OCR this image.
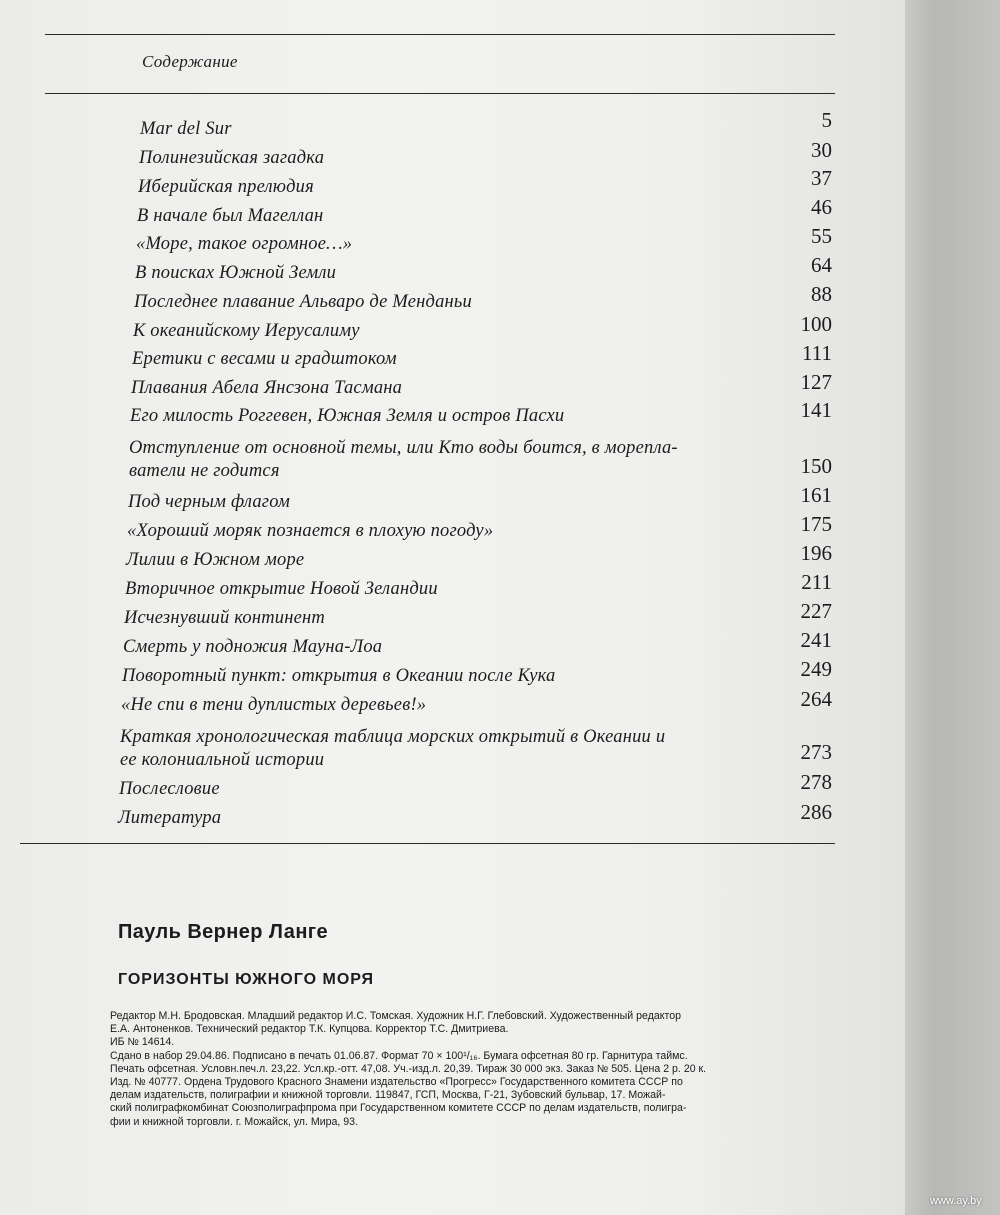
Содержание
Mar del Sur	5
Полинезийская загадка	30
Иберийская прелюдия	37
В начале был Магеллан	46
«Море, такое огромное…»	55
В поисках Южной Земли	64
Последнее плавание Альваро де Менданьи	88
К океанийскому Иерусалиму	100
Еретики с весами и градштоком	111
Плавания Абела Янсзона Тасмана	127
Его милость Роггевен, Южная Земля и остров Пасхи	141
Отступление от основной темы, или Кто воды боится, в морепла-
ватели не годится	150
Под черным флагом	161
«Хороший моряк познается в плохую погоду»	175
Лилии в Южном море	196
Вторичное открытие Новой Зеландии	211
Исчезнувший континент	227
Смерть у подножия Мауна-Лоа	241
Поворотный пункт: открытия в Океании после Кука	249
«Не спи в тени дуплистых деревьев!»	264
Краткая хронологическая таблица морских открытий в Океании и
ее колониальной истории	273
Послесловие	278
Литература	286
Пауль Вернер Ланге
ГОРИЗОНТЫ ЮЖНОГО МОРЯ
Редактор М.Н. Бродовская. Младший редактор И.С. Томская. Художник Н.Г. Глебовский. Художественный редактор
Е.А. Антоненков. Технический редактор Т.К. Купцова. Корректор Т.С. Дмитриева.
ИБ № 14614.
Сдано в набор 29.04.86. Подписано в печать 01.06.87. Формат 70 × 100¹/₁₆. Бумага офсетная 80 гр. Гарнитура таймс.
Печать офсетная. Условн.печ.л. 23,22. Усл.кр.-отт. 47,08. Уч.-изд.л. 20,39. Тираж 30 000 экз. Заказ № 505. Цена 2 р. 20 к.
Изд. № 40777. Ордена Трудового Красного Знамени издательство «Прогресс» Государственного комитета СССР по
делам издательств, полиграфии и книжной торговли. 119847, ГСП, Москва, Г-21, Зубовский бульвар, 17. Можай-
ский полиграфкомбинат Союзполиграфпрома при Государственном комитете СССР по делам издательств, полигра-
фии и книжной торговли. г. Можайск, ул. Мира, 93.
www.ay.by
